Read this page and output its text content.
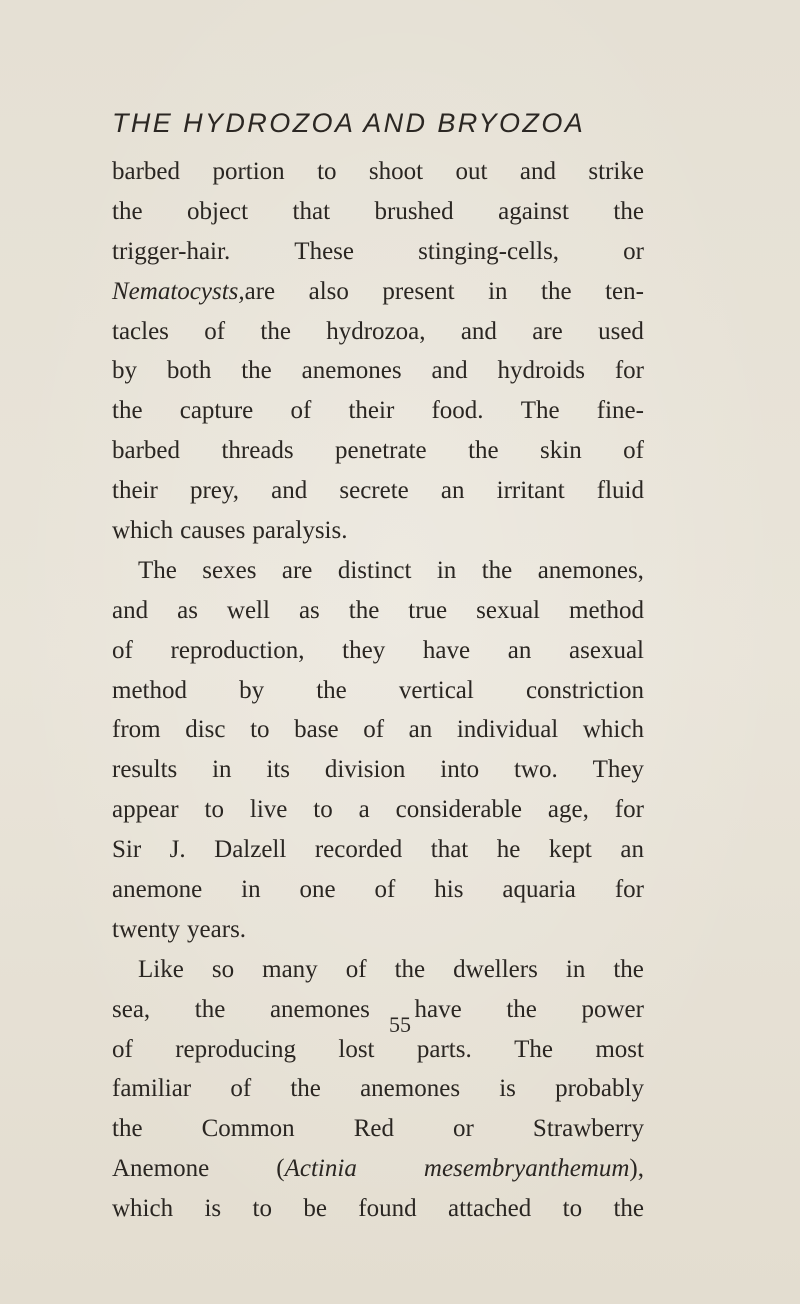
THE HYDROZOA AND BRYOZOA
barbed portion to shoot out and strike
the object that brushed against the
trigger-hair.	These	stinging-cells,	or
Nematocysts,are also present in the ten-
tacles of the hydrozoa, and are used
by both the anemones and hydroids for
the capture of their food. The fine-
barbed threads penetrate the skin of
their prey, and secrete an irritant fluid
which causes paralysis.
The sexes are distinct in the anemones,
and as well as the true sexual method
of reproduction, they have an asexual
method by the vertical constriction
from disc to base of an individual which
results in its division into two. They
appear to live to a considerable age, for
Sir J. Dalzell recorded that he kept an
anemone in one of his aquaria for
twenty years.
Like so many of the dwellers in the
sea, the anemones have the power
of reproducing lost parts. The most
familiar of the anemones is probably
the Common Red or Strawberry
Anemone	(Actinia	mesembryanthemum),
which is to be found attached to the
55
